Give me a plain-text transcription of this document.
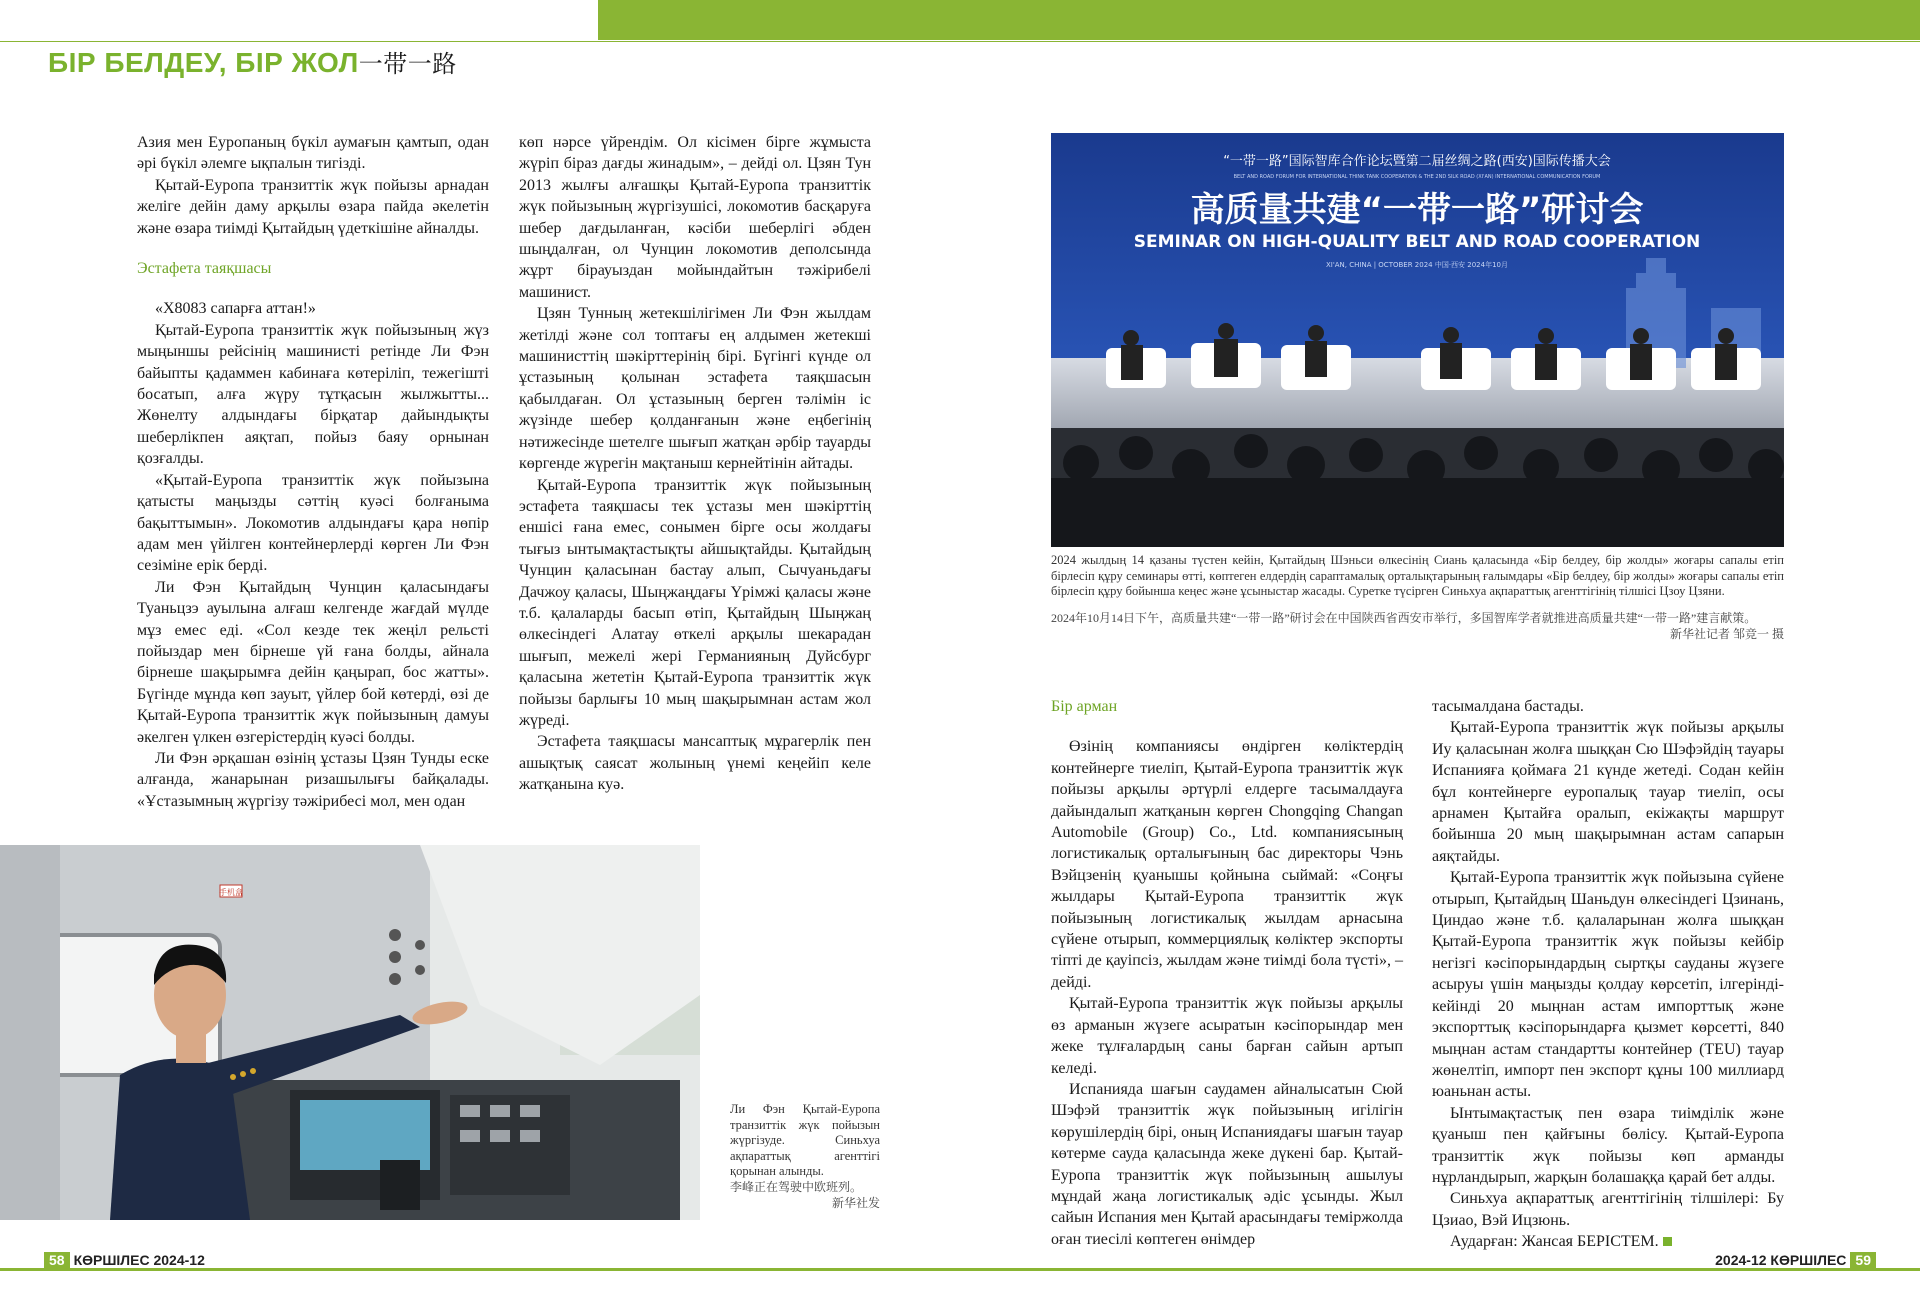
БІР БЕЛДЕУ, БІР ЖОЛ一带一路

Азия мен Еуропаның бүкіл аумағын қамтып, одан әрі бүкіл әлемге ықпалын тигізді.

Қытай-Еуропа транзиттік жүк пойызы арнадан желіге дейін даму арқылы өзара пайда әкелетін және өзара тиімді Қытайдың үдеткішіне айналды.

Эстафета таяқшасы

«Х8083 сапарға аттан!»

Қытай-Еуропа транзиттік жүк пойызының жүз мыңыншы рейсінің машинисті ретінде Ли Фэн байыпты қадаммен кабинаға көтеріліп, тежегішті босатып, алға жүру тұтқасын жылжытты... Жөнелту алдындағы бірқатар дайындықты шеберлікпен аяқтап, пойыз баяу орнынан қозғалды.

«Қытай-Еуропа транзиттік жүк пойызына қатысты маңызды сәттің куәсі болғаныма бақыттымын». Локомотив алдындағы қара нөпір адам мен үйілген контейнерлерді көрген Ли Фэн сезіміне ерік берді.

Ли Фэн Қытайдың Чунцин қаласындағы Туаньцзэ ауылына алғаш келгенде жағдай мүлде мұз емес еді. «Сол кезде тек жеңіл рельсті пойыздар мен бірнеше үй ғана болды, айнала бірнеше шақырымға дейін қаңырап, бос жатты». Бүгінде мұнда көп зауыт, үйлер бой көтерді, өзі де Қытай-Еуропа транзиттік жүк пойызының дамуы әкелген үлкен өзгерістердің куәсі болды.

Ли Фэн әрқашан өзінің ұстазы Цзян Тунды еске алғанда, жанарынан ризашылығы байқалады. «Ұстазымның жүргізу тәжірибесі мол, мен одан

көп нәрсе үйрендім. Ол кісімен бірге жұмыста жүріп біраз дағды жинадым», – дейді ол. Цзян Тун 2013 жылғы алғашқы Қытай-Еуропа транзиттік жүк пойызының жүргізушісі, локомотив басқаруға шебер дағдыланған, кәсіби шеберлігі әбден шыңдалған, ол Чунцин локомотив деполсында жұрт бірауыздан мойындайтын тәжірибелі машинист.

Цзян Тунның жетекшілігімен Ли Фэн жылдам жетілді және сол топтағы ең алдымен жетекші машинисттің шәкірттерінің бірі. Бүгінгі күнде ол ұстазының қолынан эстафета таяқшасын қабылдаған. Ол ұстазының берген тәлімін іс жүзінде шебер қолданғанын және еңбегінің нәтижесінде шетелге шығып жатқан әрбір тауарды көргенде жүрегін мақтаныш кернейтінін айтады.

Қытай-Еуропа транзиттік жүк пойызының эстафета таяқшасы тек ұстазы мен шәкірттің еншісі ғана емес, сонымен бірге осы жолдағы тығыз ынтымақтастықты айшықтайды. Қытайдың Чунцин қаласынан бастау алып, Сычуаньдағы Дачжоу қаласы, Шыңжаңдағы Үрімжі қаласы және т.б. қалаларды басып өтіп, Қытайдың Шыңжаң өлкесіндегі Алатау өткелі арқылы шекарадан шығып, межелі жері Германияның Дуйсбург қаласына жететін Қытай-Еуропа транзиттік жүк пойызы барлығы 10 мың шақырымнан астам жол жүреді.

Эстафета таяқшасы мансаптық мұрагерлік пен ашықтық саясат жолының үнемі кеңейіп келе жатқанына куә.

“一带一路”国际智库合作论坛暨第二届丝绸之路(西安)国际传播大会
BELT AND ROAD FORUM FOR INTERNATIONAL THINK TANK COOPERATION & THE 2ND SILK ROAD (XI'AN) INTERNATIONAL COMMUNICATION FORUM
高质量共建“一带一路”研讨会
SEMINAR ON HIGH-QUALITY BELT AND ROAD COOPERATION
XI'AN, CHINA | OCTOBER 2024 中国·西安 2024年10月
2024 жылдың 14 қазаны түстен кейін, Қытайдың Шэньси өлкесінің Сиань қаласында «Бір белдеу, бір жолды» жоғары сапалы етіп бірлесіп құру семинары өтті, көптеген елдердің сараптамалық орталықтарының ғалымдары «Бір белдеу, бір жолды» жоғары сапалы етіп бірлесіп құру бойынша кеңес және ұсыныстар жасады. Суретке түсірген Синьхуа ақпараттық агенттігінің тілшісі Цзоу Цзяни.
2024年10月14日下午，高质量共建“一带一路”研讨会在中国陕西省西安市举行，多国智库学者就推进高质量共建“一带一路”建言献策。
新华社记者 邹竞一 摄
Бір арман

Өзінің компаниясы өндірген көліктердің контейнерге тиеліп, Қытай-Еуропа транзиттік жүк пойызы арқылы әртүрлі елдерге тасымалдауға дайындалып жатқанын көрген Chongqing Changan Automobile (Group) Co., Ltd. компаниясының логистикалық орталығының бас директоры Чэнь Вэйцзенің қуанышы қойнына сыймай: «Соңғы жылдары Қытай-Еуропа транзиттік жүк пойызының логистикалық жылдам арнасына сүйене отырып, коммерциялық көліктер экспорты тіпті де қауіпсіз, жылдам және тиімді бола түсті», – дейді.

Қытай-Еуропа транзиттік жүк пойызы арқылы өз арманын жүзеге асыратын кәсіпорындар мен жеке тұлғалардың саны барған сайын артып келеді.

Испанияда шағын саудамен айналысатын Сюй Шэфэй транзиттік жүк пойызының игілігін көрушілердің бірі, оның Испаниядағы шағын тауар көтерме сауда қаласында жеке дүкені бар. Қытай-Еуропа транзиттік жүк пойызының ашылуы мұндай жаңа логистикалық әдіс ұсынды. Жыл сайын Испания мен Қытай арасындағы теміржолда оған тиесілі көптеген өнімдер

тасымалдана бастады.

Қытай-Еуропа транзиттік жүк пойызы арқылы Иу қаласынан жолға шыққан Сю Шэфэйдің тауары Испанияға қоймаға 21 күнде жетеді. Содан кейін бұл контейнерге еуропалық тауар тиеліп, осы арнамен Қытайға оралып, екіжақты маршрут бойынша 20 мың шақырымнан астам сапарын аяқтайды.

Қытай-Еуропа транзиттік жүк пойызына сүйене отырып, Қытайдың Шаньдун өлкесіндегі Цзинань, Циндао және т.б. қалаларынан жолға шыққан Қытай-Еуропа транзиттік жүк пойызы кейбір негізгі кәсіпорындардың сыртқы сауданы жүзеге асыруы үшін маңызды қолдау көрсетіп, ілгерінді-кейінді 20 мыңнан астам импорттық және экспорттық кәсіпорындарға қызмет көрсетті, 840 мыңнан астам стандартты контейнер (TEU) тауар жөнелтіп, импорт пен экспорт құны 100 миллиард юаньнан асты.

Ынтымақтастық пен өзара тиімділік және қуаныш пен қайғыны бөлісу. Қытай-Еуропа транзиттік жүк пойызы көп арманды нұрландырып, жарқын болашаққа қарай бет алды.

Синьхуа ақпараттық агенттігінің тілшілері: Бу Цзиао, Вэй Ицзюнь.

Аударған: Жансая БЕРІСТЕМ.

手机盒
Ли Фэн Қытай-Еуропа транзиттік жүк пойызын жүргізуде. Синьхуа ақпараттық агенттігі қорынан алынды.
李峰正在驾驶中欧班列。
新华社发
58 КӨРШІЛЕС 2024-12	2024-12 КӨРШІЛЕС 59
